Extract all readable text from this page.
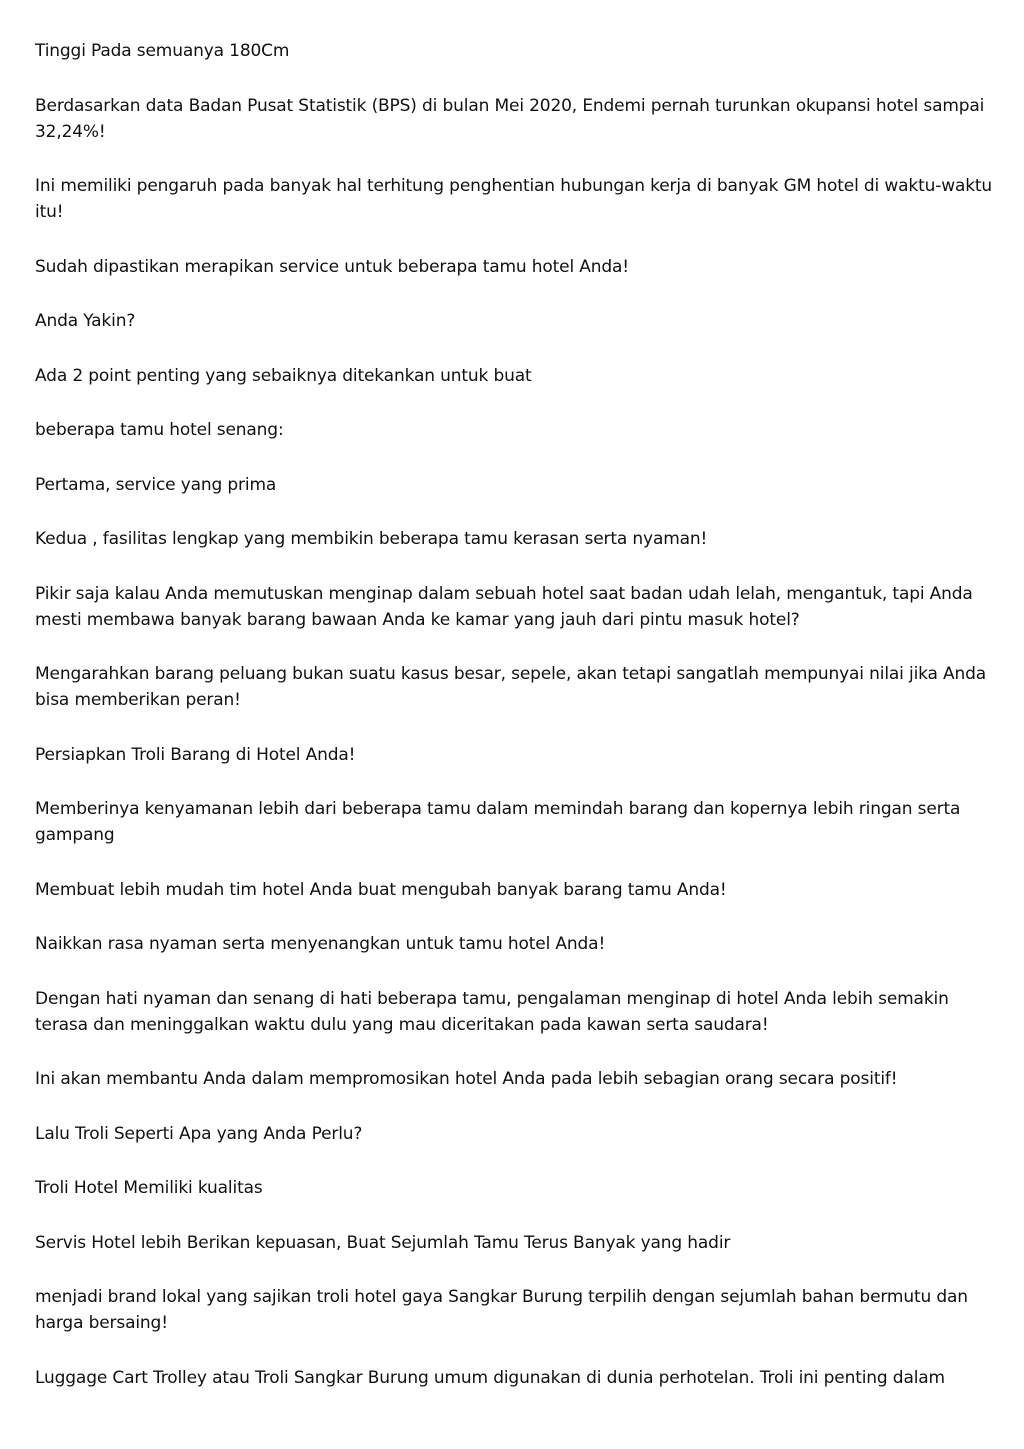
Tinggi Pada semuanya 180Cm

Berdasarkan data Badan Pusat Statistik (BPS) di bulan Mei 2020, Endemi pernah turunkan okupansi hotel sampai 32,24%!

Ini memiliki pengaruh pada banyak hal terhitung penghentian hubungan kerja di banyak GM hotel di waktu-waktu itu!

Sudah dipastikan merapikan service untuk beberapa tamu hotel Anda!

Anda Yakin?

Ada 2 point penting yang sebaiknya ditekankan untuk buat

beberapa tamu hotel senang:

Pertama, service yang prima

Kedua , fasilitas lengkap yang membikin beberapa tamu kerasan serta nyaman!

Pikir saja kalau Anda memutuskan menginap dalam sebuah hotel saat badan udah lelah, mengantuk, tapi Anda mesti membawa banyak barang bawaan Anda ke kamar yang jauh dari pintu masuk hotel?

Mengarahkan barang peluang bukan suatu kasus besar, sepele, akan tetapi sangatlah mempunyai nilai jika Anda bisa memberikan peran!

Persiapkan Troli Barang di Hotel Anda!

Memberinya kenyamanan lebih dari beberapa tamu dalam memindah barang dan kopernya lebih ringan serta gampang

Membuat lebih mudah tim hotel Anda buat mengubah banyak barang tamu Anda!

Naikkan rasa nyaman serta menyenangkan untuk tamu hotel Anda!

Dengan hati nyaman dan senang di hati beberapa tamu, pengalaman menginap di hotel Anda lebih semakin terasa dan meninggalkan waktu dulu yang mau diceritakan pada kawan serta saudara!

Ini akan membantu Anda dalam mempromosikan hotel Anda pada lebih sebagian orang secara positif!

Lalu Troli Seperti Apa yang Anda Perlu?

Troli Hotel Memiliki kualitas

Servis Hotel lebih Berikan kepuasan, Buat Sejumlah Tamu Terus Banyak yang hadir

menjadi brand lokal yang sajikan troli hotel gaya Sangkar Burung terpilih dengan sejumlah bahan bermutu dan harga bersaing!

Luggage Cart Trolley atau Troli Sangkar Burung umum digunakan di dunia perhotelan. Troli ini penting dalam
